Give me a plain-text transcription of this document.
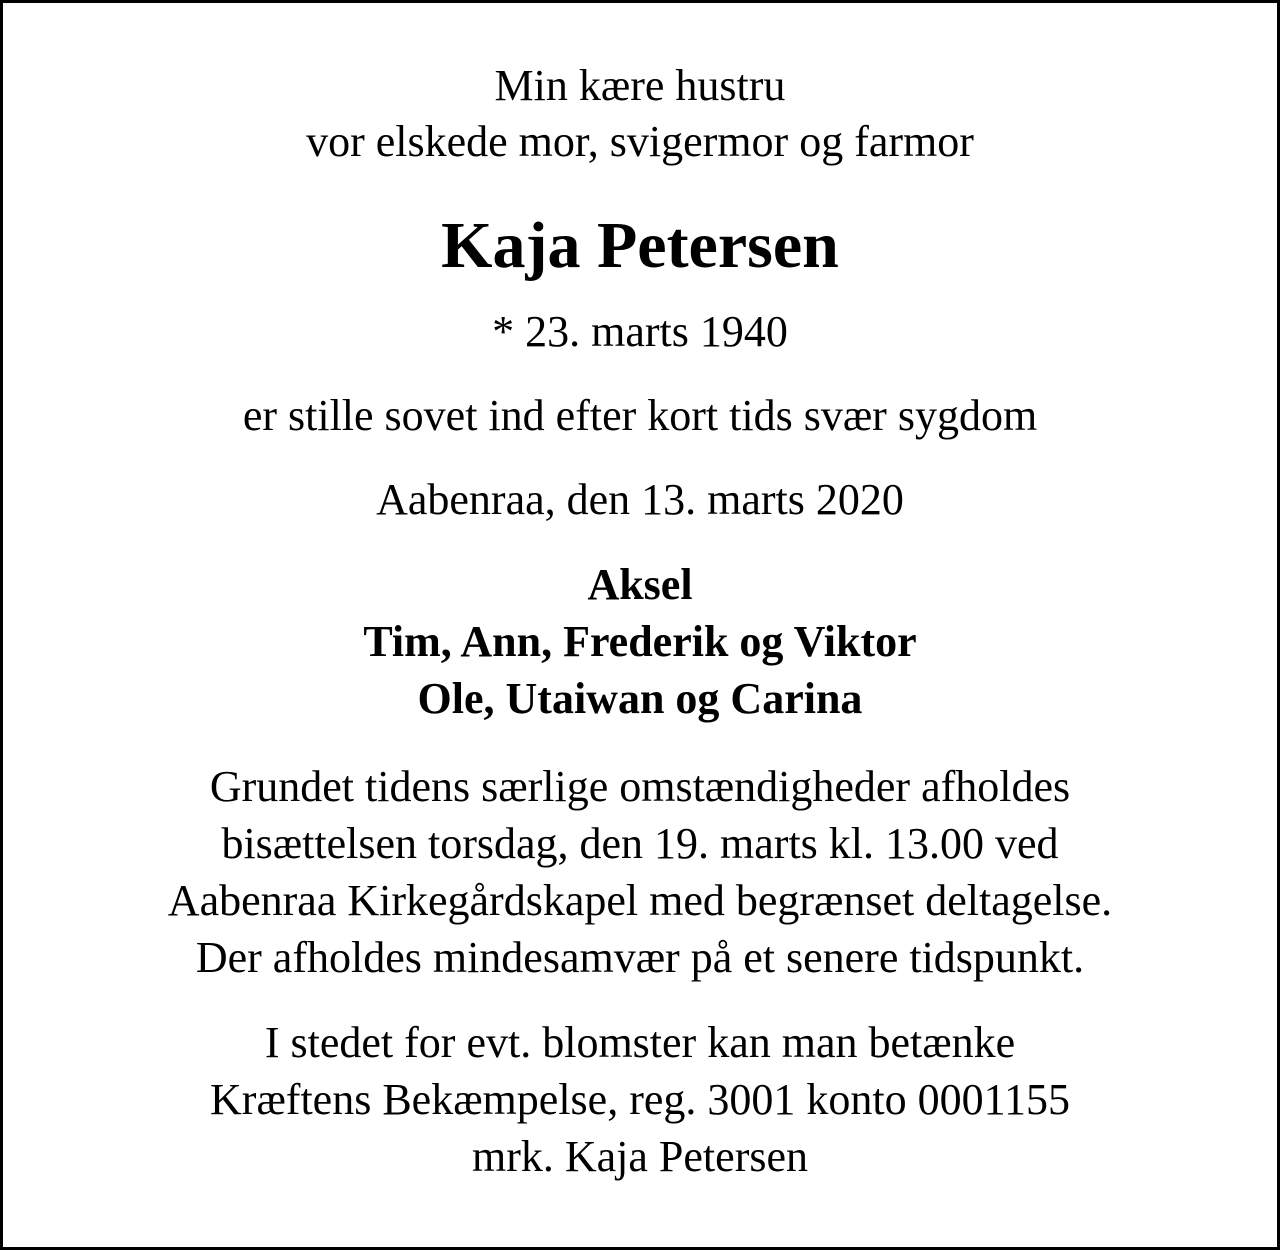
Min kære hustru
vor elskede mor, svigermor og farmor
Kaja Petersen
* 23. marts 1940
er stille sovet ind efter kort tids svær sygdom
Aabenraa, den 13. marts 2020
Aksel
Tim, Ann, Frederik og Viktor
Ole, Utaiwan og Carina
Grundet tidens særlige omstændigheder afholdes
bisættelsen torsdag, den 19. marts kl. 13.00 ved
Aabenraa Kirkegårdskapel med begrænset deltagelse.
Der afholdes mindesamvær på et senere tidspunkt.
I stedet for evt. blomster kan man betænke
Kræftens Bekæmpelse, reg. 3001 konto 0001155
mrk. Kaja Petersen
